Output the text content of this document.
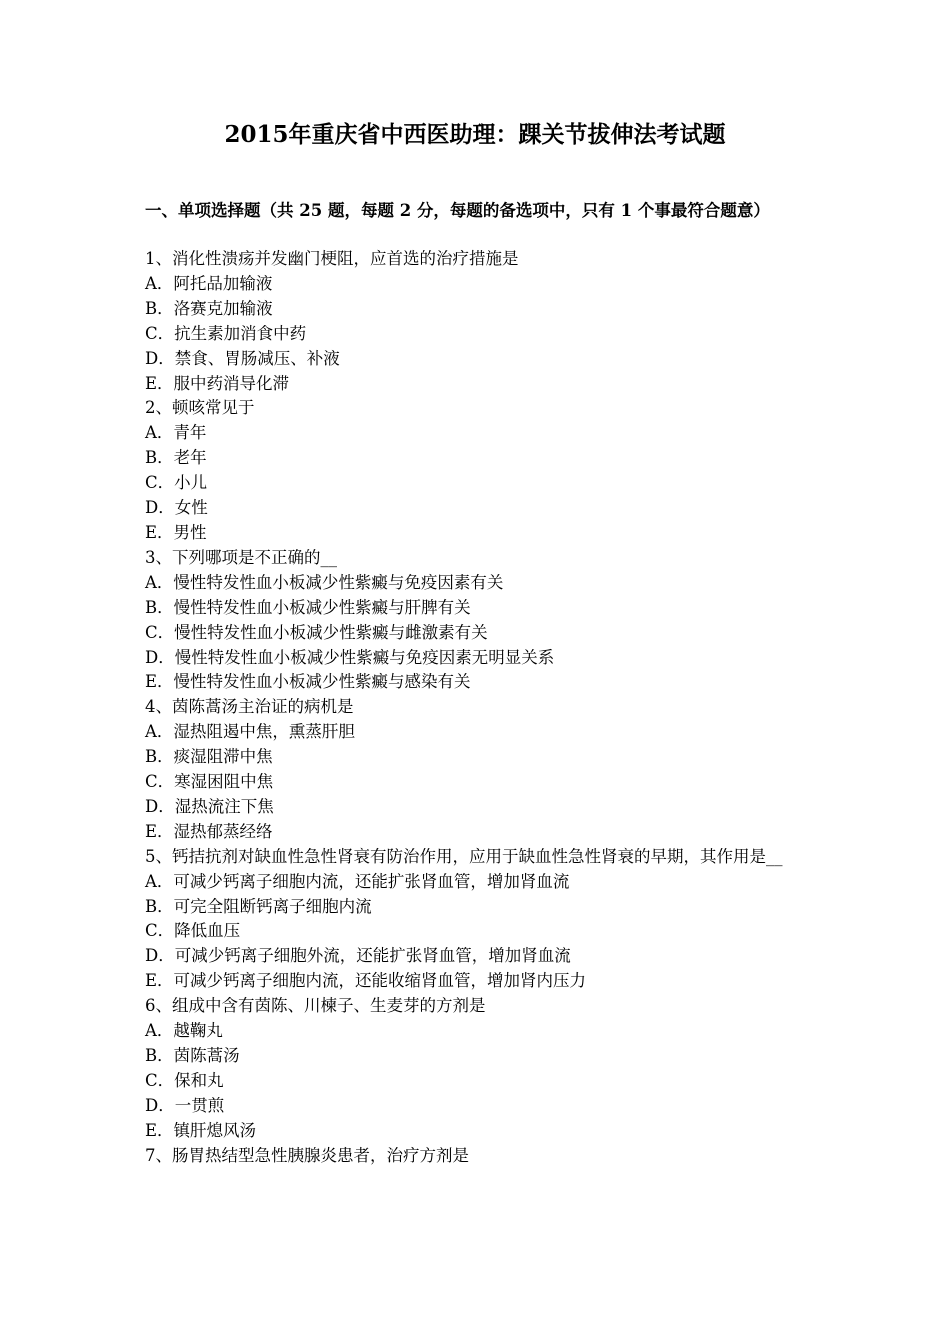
2015年重庆省中西医助理：踝关节拔伸法考试题

一、单项选择题（共 25 题，每题 2 分，每题的备选项中，只有 1 个事最符合题意）

1、消化性溃疡并发幽门梗阻，应首选的治疗措施是

A．阿托品加输液

B．洛赛克加输液

C．抗生素加消食中药

D．禁食、胃肠减压、补液

E．服中药消导化滞

2、顿咳常见于

A．青年

B．老年

C．小儿

D．女性

E．男性

3、下列哪项是不正确的__

A．慢性特发性血小板减少性紫癜与免疫因素有关

B．慢性特发性血小板减少性紫癜与肝脾有关

C．慢性特发性血小板减少性紫癜与雌激素有关

D．慢性特发性血小板减少性紫癜与免疫因素无明显关系

E．慢性特发性血小板减少性紫癜与感染有关

4、茵陈蒿汤主治证的病机是

A．湿热阻遏中焦，熏蒸肝胆

B．痰湿阻滞中焦

C．寒湿困阻中焦

D．湿热流注下焦

E．湿热郁蒸经络

5、钙拮抗剂对缺血性急性肾衰有防治作用，应用于缺血性急性肾衰的早期，其作用是__

A．可减少钙离子细胞内流，还能扩张肾血管，增加肾血流

B．可完全阻断钙离子细胞内流

C．降低血压

D．可减少钙离子细胞外流，还能扩张肾血管，增加肾血流

E．可减少钙离子细胞内流，还能收缩肾血管，增加肾内压力

6、组成中含有茵陈、川楝子、生麦芽的方剂是

A．越鞠丸

B．茵陈蒿汤

C．保和丸

D．一贯煎

E．镇肝熄风汤

7、肠胃热结型急性胰腺炎患者，治疗方剂是
